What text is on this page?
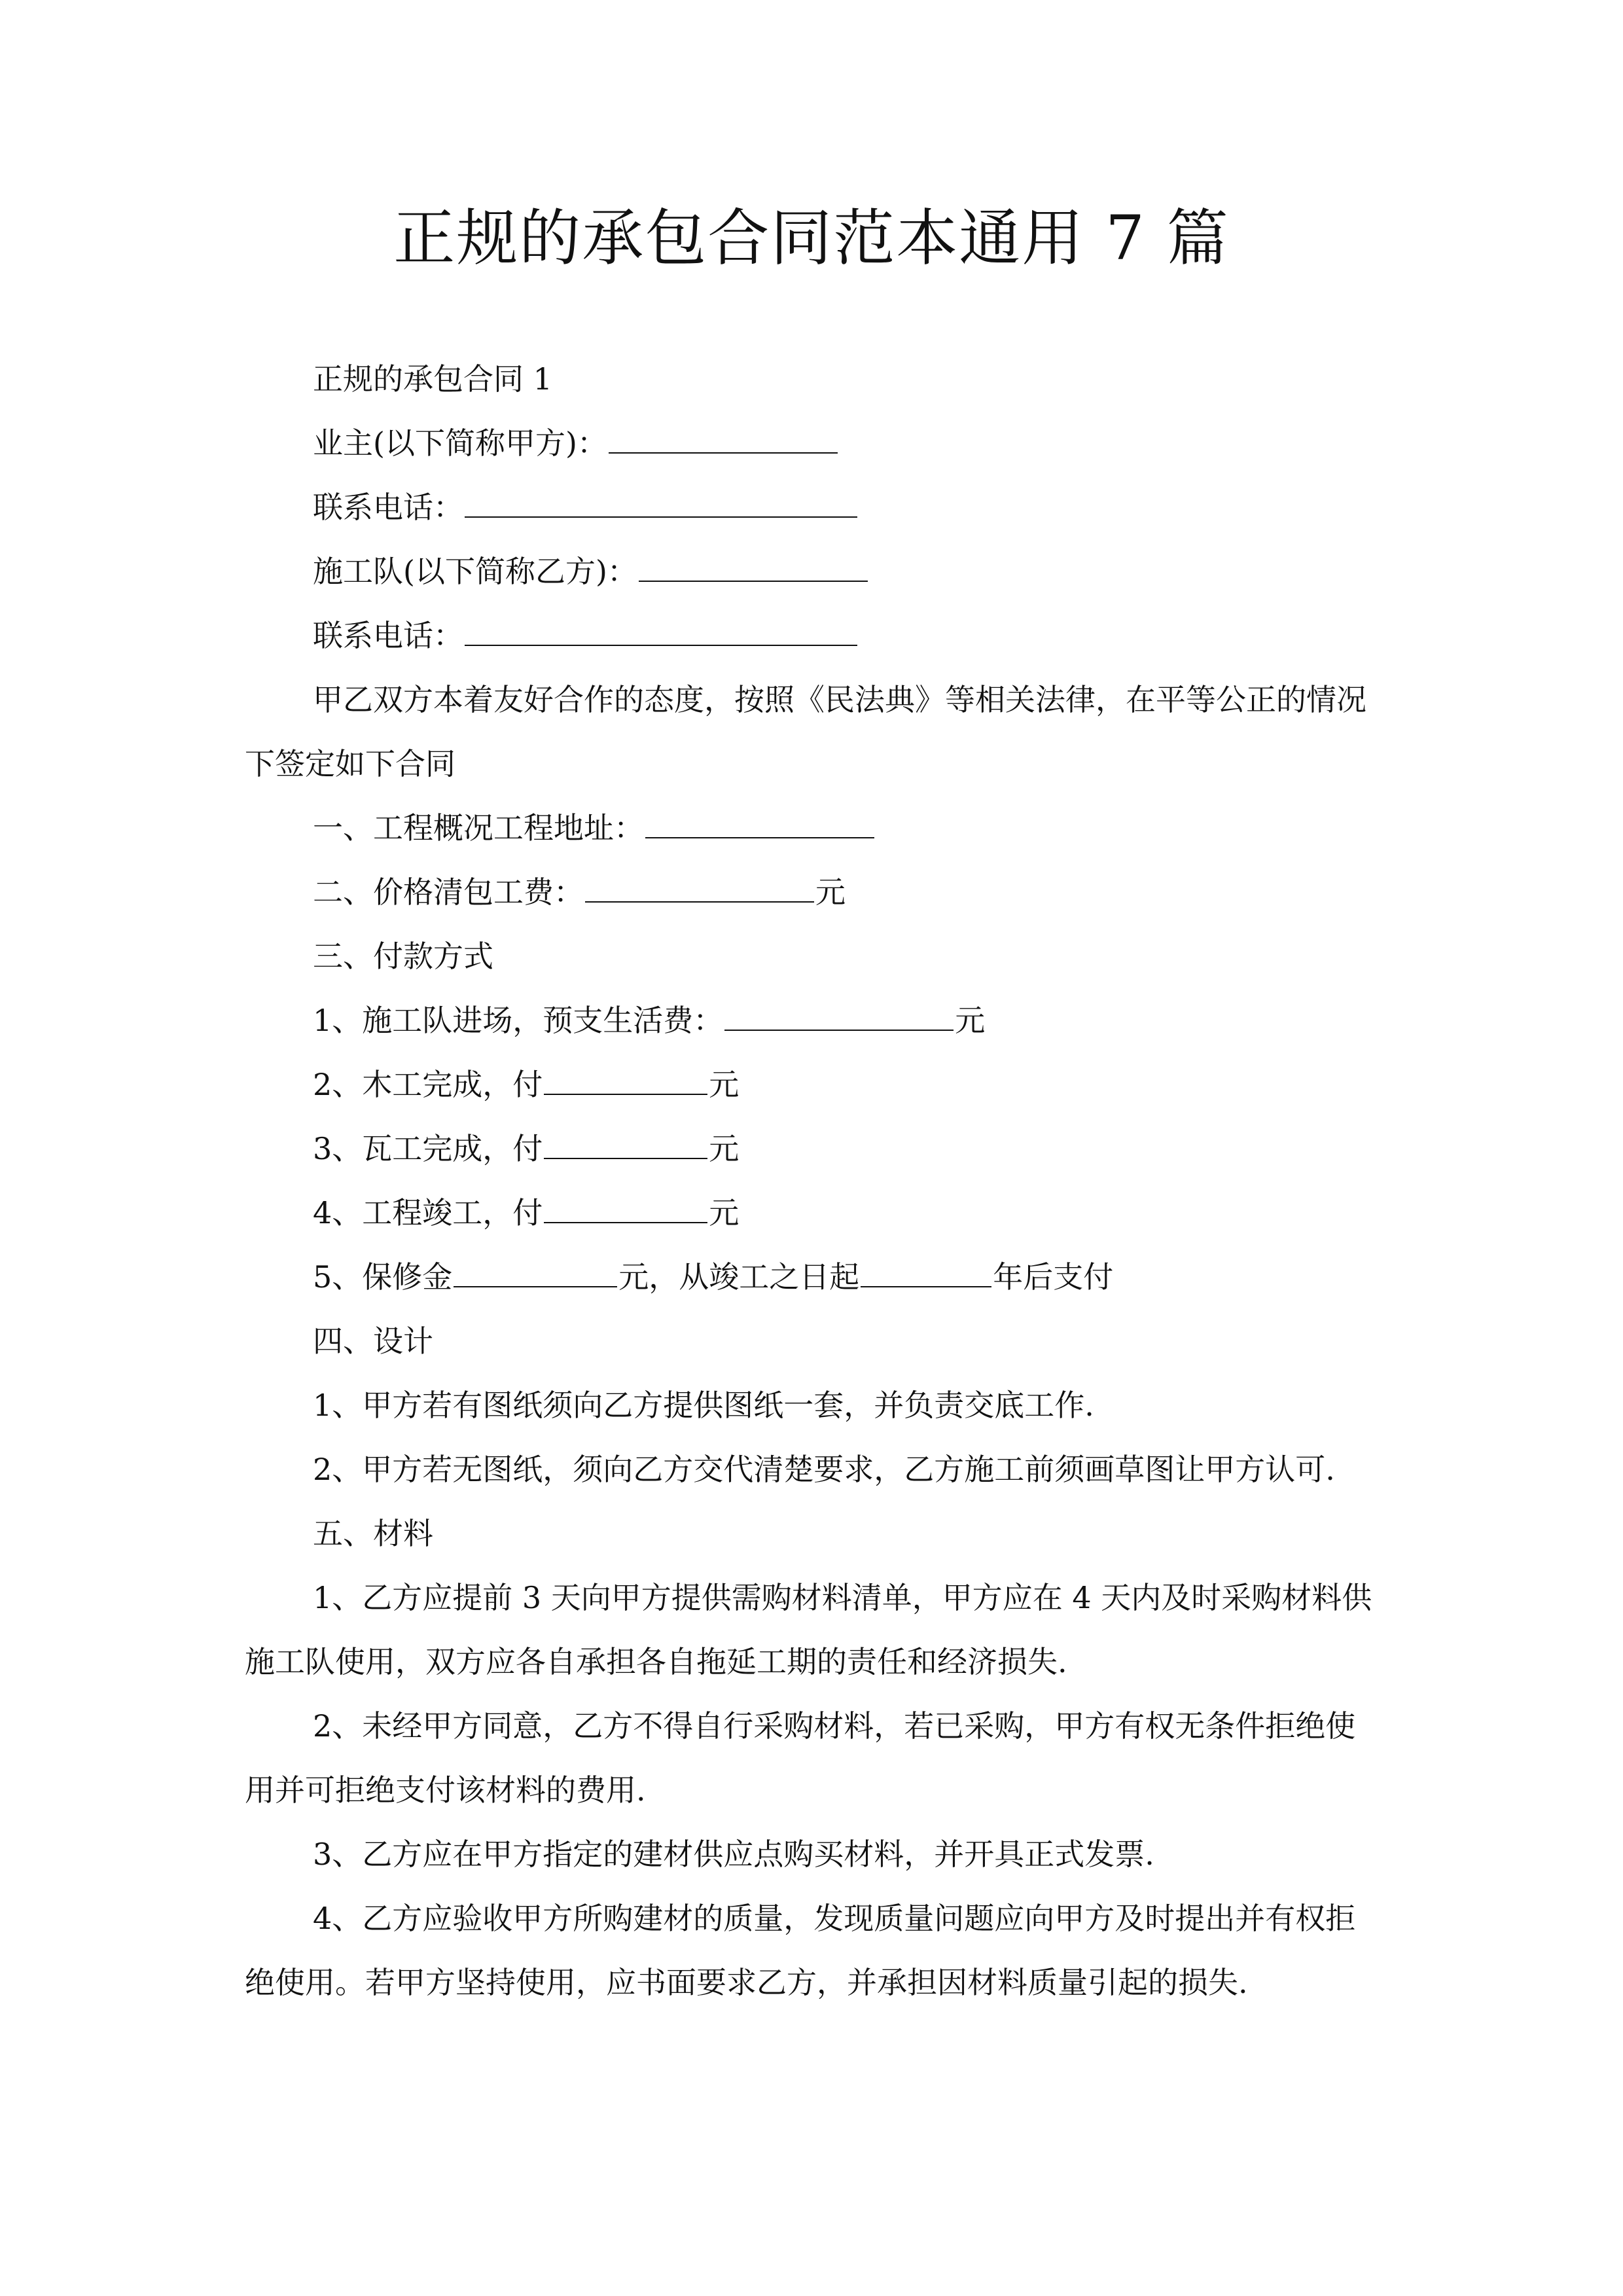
正规的承包合同范本通用 7 篇

正规的承包合同 1

业主(以下简称甲方)：

联系电话：

施工队(以下简称乙方)：

联系电话：

甲乙双方本着友好合作的态度，按照《民法典》等相关法律，在平等公正的情况下签定如下合同

一、工程概况工程地址：

二、价格清包工费：	元

三、付款方式

1、施工队进场，预支生活费：	元

2、木工完成，付	元

3、瓦工完成，付	元

4、工程竣工，付	元

5、保修金	元，从竣工之日起	年后支付

四、设计

1、甲方若有图纸须向乙方提供图纸一套，并负责交底工作.

2、甲方若无图纸，须向乙方交代清楚要求，乙方施工前须画草图让甲方认可.

五、材料

1、乙方应提前 3 天向甲方提供需购材料清单，甲方应在 4 天内及时采购材料供施工队使用，双方应各自承担各自拖延工期的责任和经济损失.

2、未经甲方同意，乙方不得自行采购材料，若已采购，甲方有权无条件拒绝使用并可拒绝支付该材料的费用.

3、乙方应在甲方指定的建材供应点购买材料，并开具正式发票.

4、乙方应验收甲方所购建材的质量，发现质量问题应向甲方及时提出并有权拒绝使用。若甲方坚持使用，应书面要求乙方，并承担因材料质量引起的损失.
